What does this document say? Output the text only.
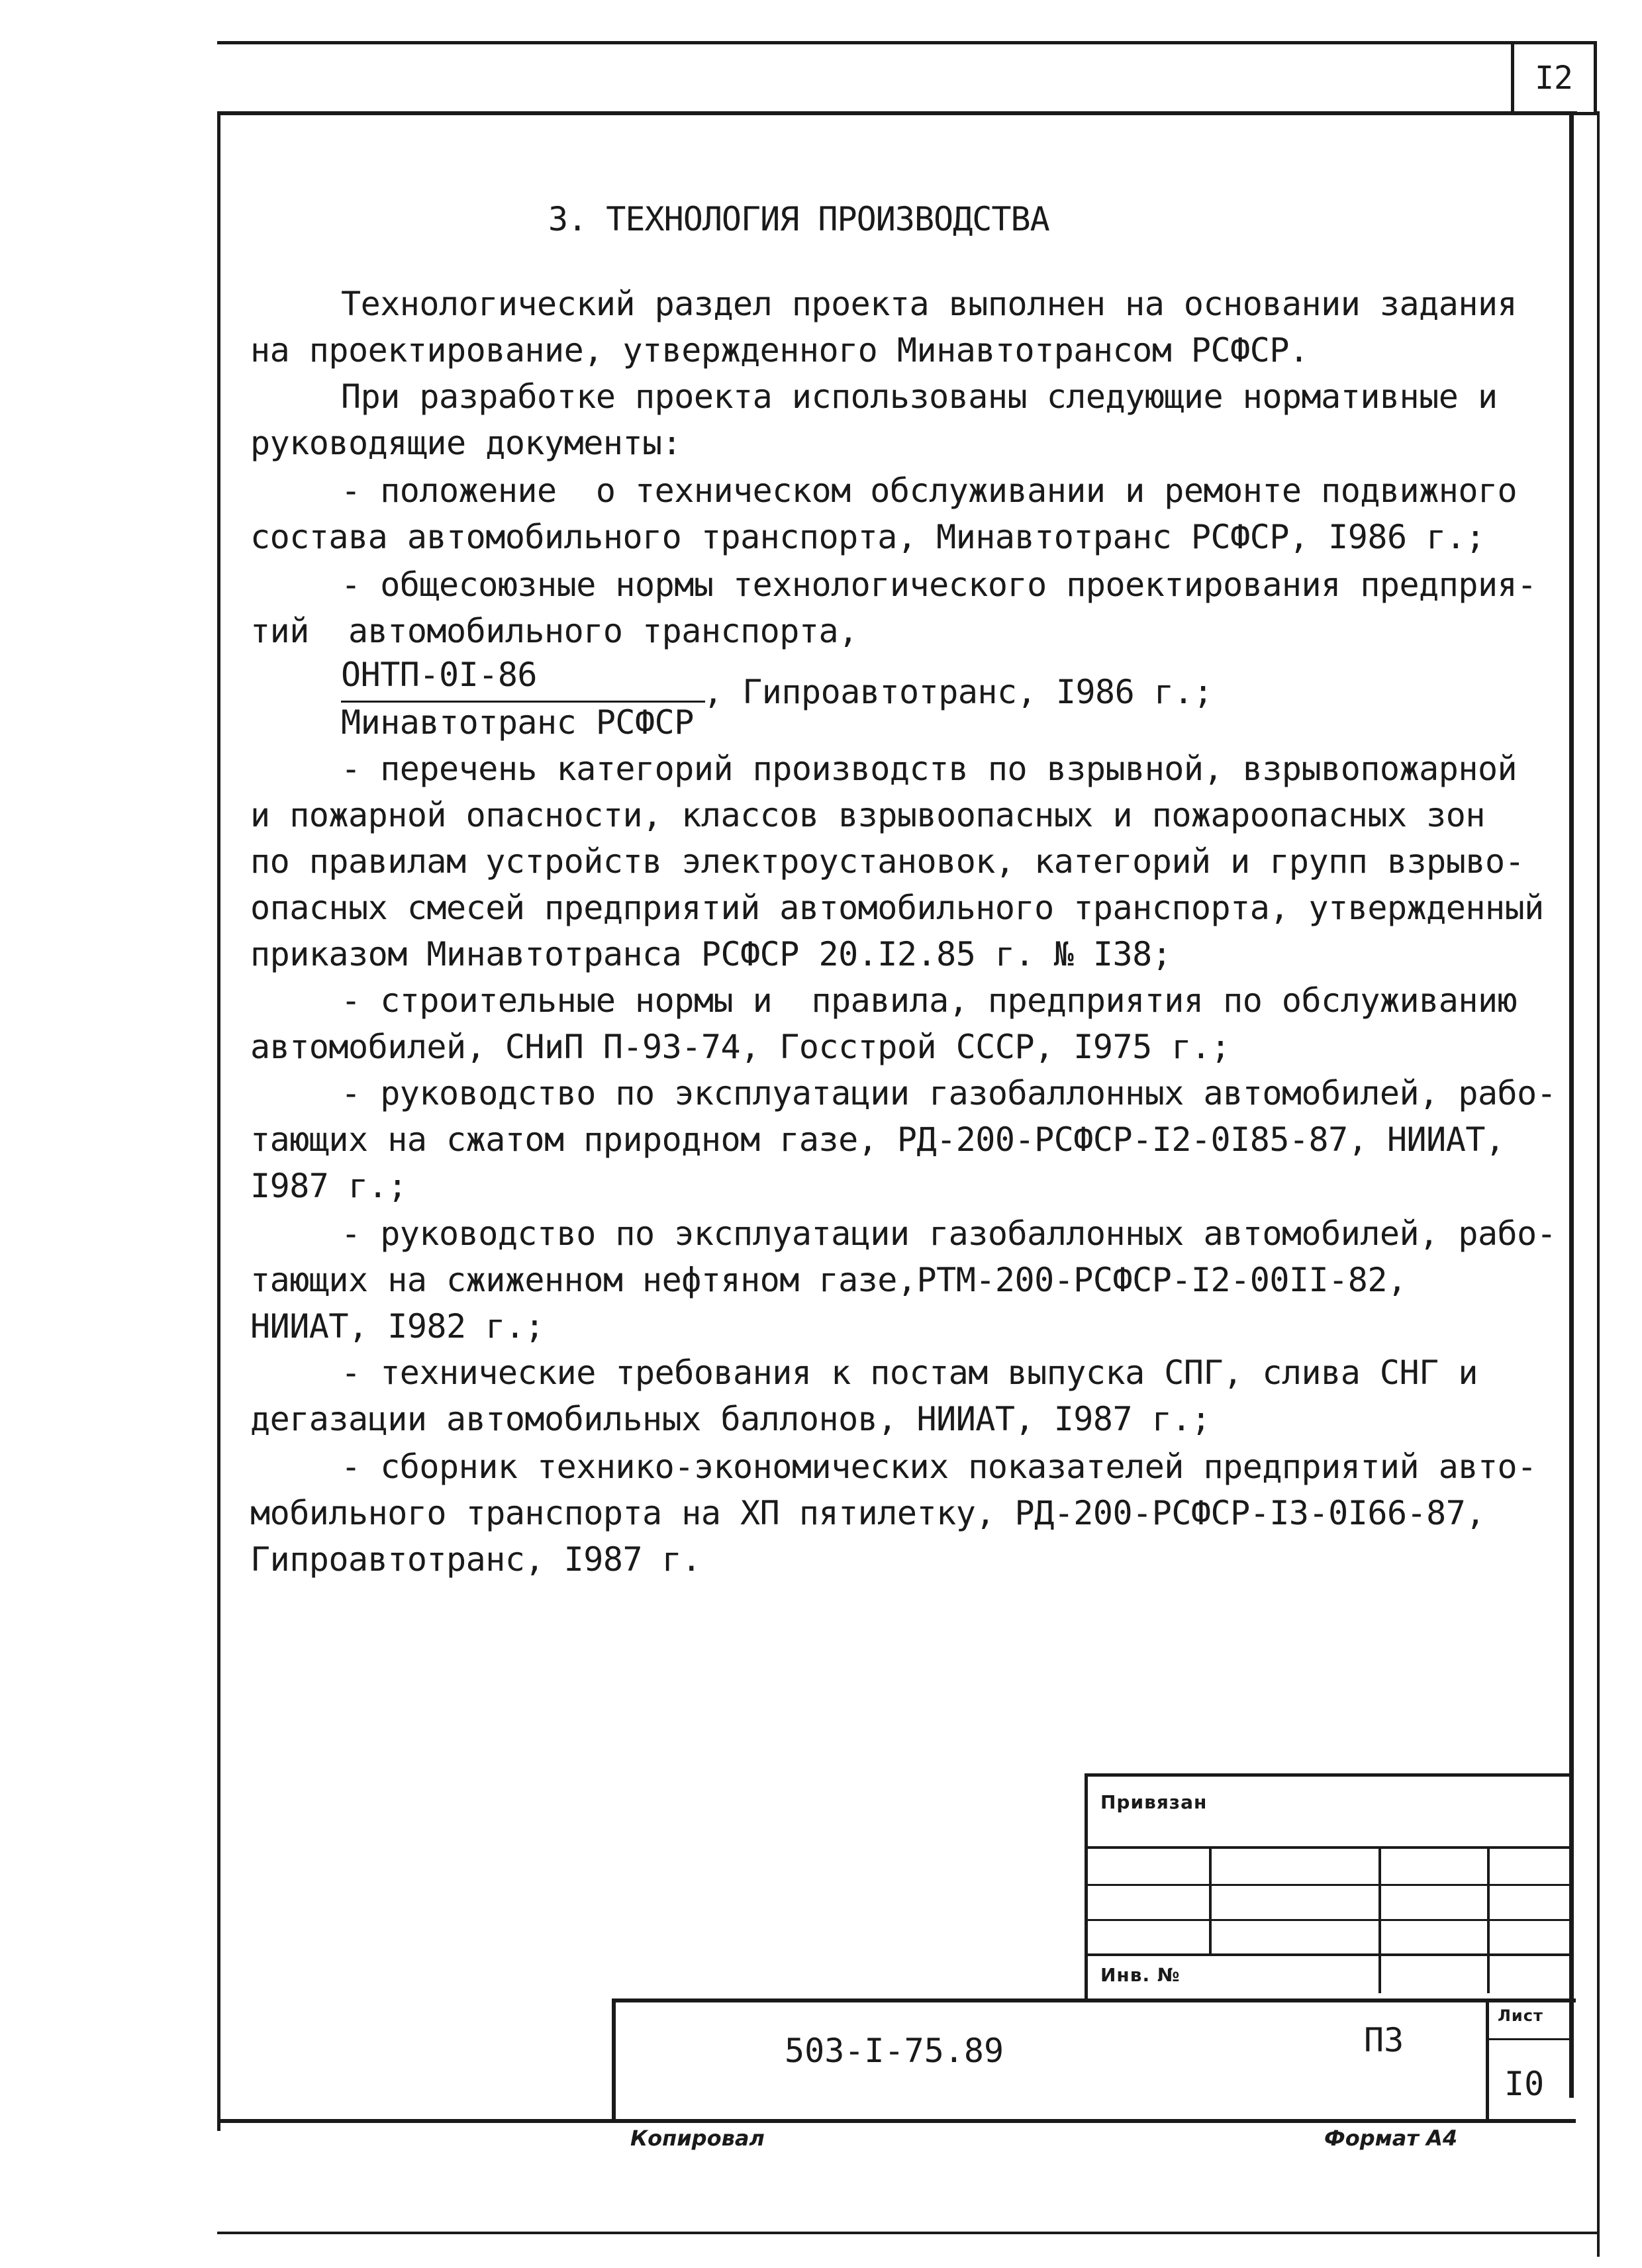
I2
3. ТЕХНОЛОГИЯ ПРОИЗВОДСТВА
Технологический раздел проекта выполнен на основании задания
на проектирование, утвержденного Минавтотрансом РСФСР.
При разработке проекта использованы следующие нормативные и
руководящие документы:
- положение  о техническом обслуживании и ремонте подвижного
состава автомобильного транспорта, Минавтотранс РСФСР, I986 г.;
- общесоюзные нормы технологического проектирования предприя-
тий  автомобильного транспорта,
ОНТП-0I-86	, Гипроавтотранс, I986 г.;
Минавтотранс РСФСР
- перечень категорий производств по взрывной, взрывопожарной
и пожарной опасности, классов взрывоопасных и пожароопасных зон
по правилам устройств электроустановок, категорий и групп взрыво-
опасных смесей предприятий автомобильного транспорта, утвержденный
приказом Минавтотранса РСФСР 20.I2.85 г. № I38;
- строительные нормы и  правила, предприятия по обслуживанию
автомобилей, СНиП П-93-74, Госстрой СССР, I975 г.;
- руководство по эксплуатации газобаллонных автомобилей, рабо-
тающих на сжатом природном газе, РД-200-РСФСР-I2-0I85-87, НИИАТ,
I987 г.;
- руководство по эксплуатации газобаллонных автомобилей, рабо-
тающих на сжиженном нефтяном газе,РТМ-200-РСФСР-I2-00II-82,
НИИАТ, I982 г.;
- технические требования к постам выпуска СПГ, слива СНГ и
дегазации автомобильных баллонов, НИИАТ, I987 г.;
- сборник технико-экономических показателей предприятий авто-
мобильного транспорта на ХП пятилетку, РД-200-РСФСР-I3-0I66-87,
Гипроавтотранс, I987 г.
Привязан
Инв. №
503-I-75.89	ПЗ
Лист
I0
Копировал	Формат А4
